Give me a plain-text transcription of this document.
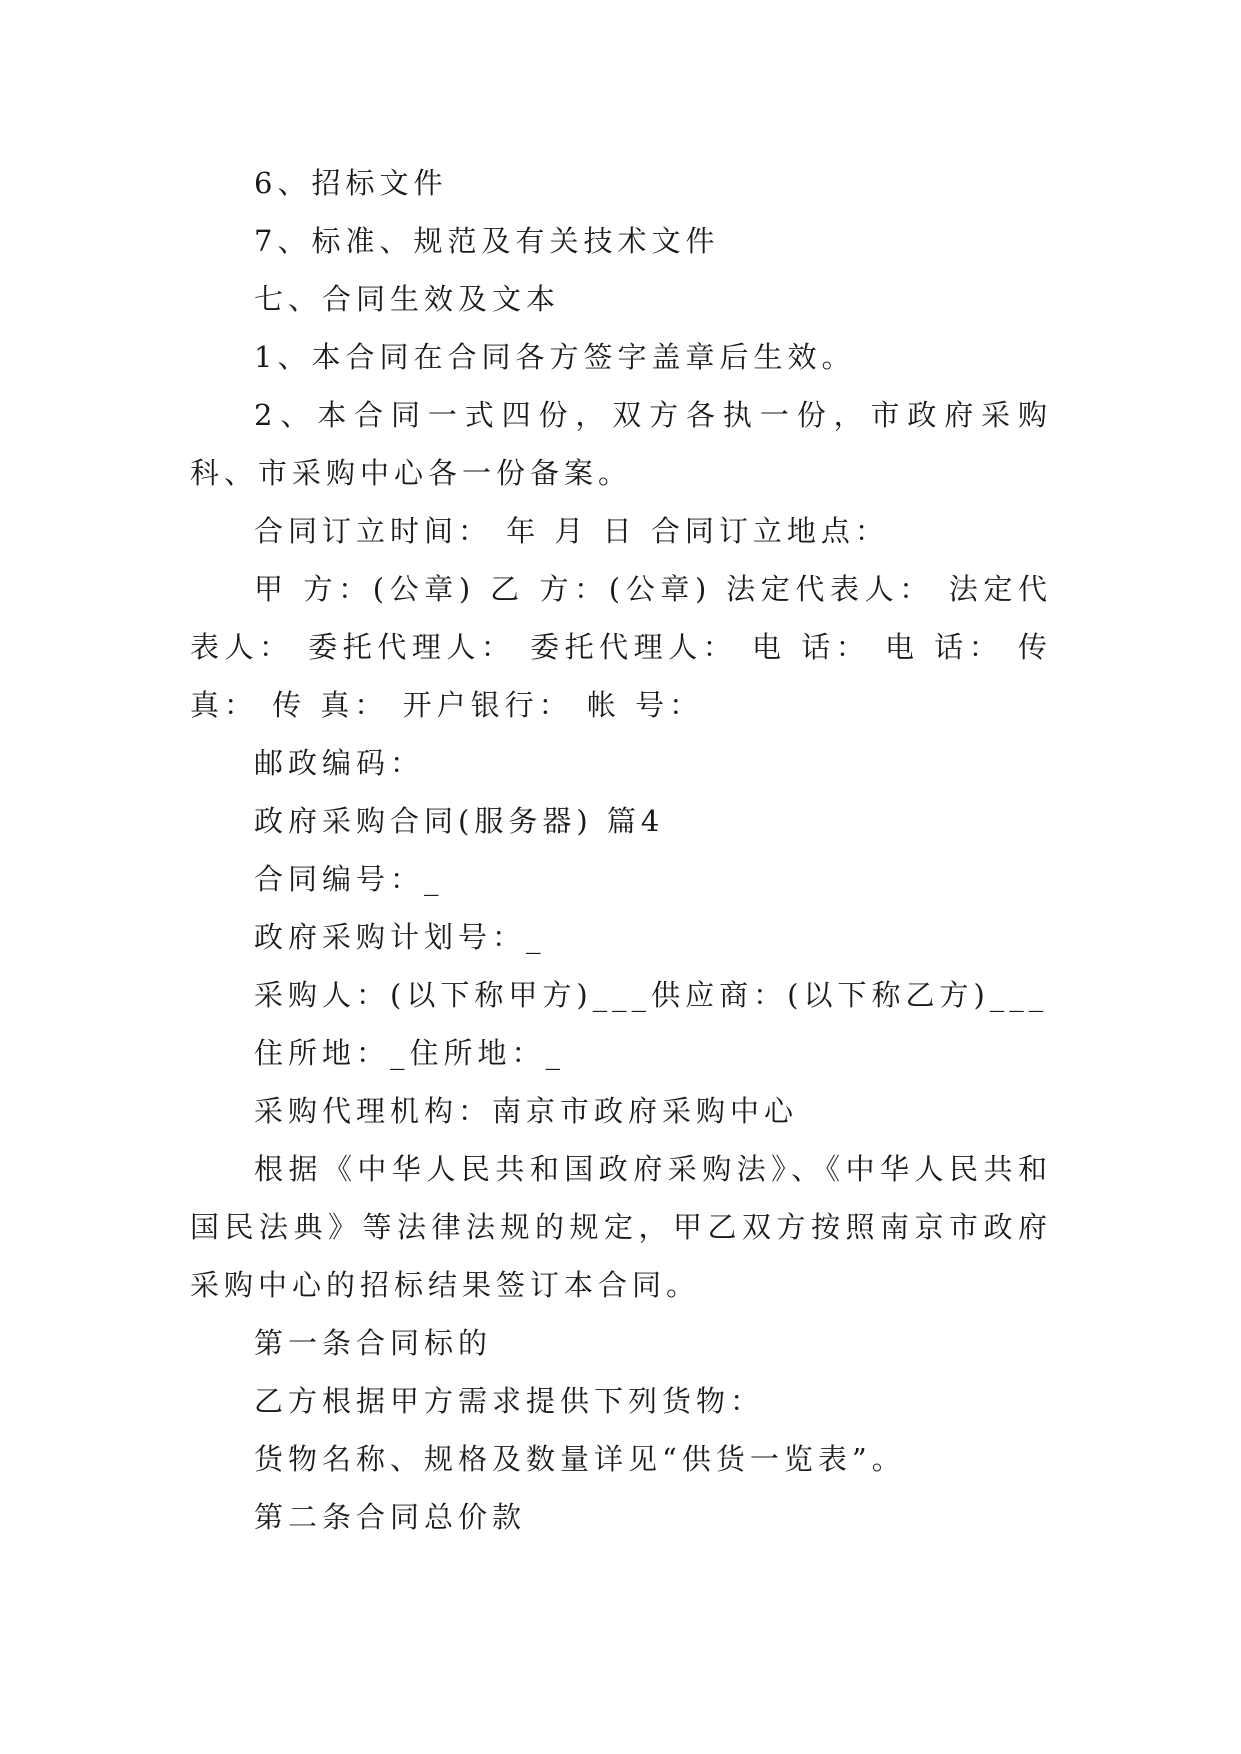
6、招标文件

7、标准、规范及有关技术文件

七、合同生效及文本

1、本合同在合同各方签字盖章后生效。

2、本合同一式四份，双方各执一份，市政府采购科、市采购中心各一份备案。

合同订立时间： 年 月 日 合同订立地点：

甲 方：(公章) 乙 方：(公章) 法定代表人： 法定代表人： 委托代理人： 委托代理人： 电 话： 电 话： 传真： 传 真： 开户银行： 帐 号：

邮政编码：

政府采购合同(服务器) 篇4

合同编号：_

政府采购计划号：_

采购人：(以下称甲方)___供应商：(以下称乙方)___

住所地：_住所地：_

采购代理机构：南京市政府采购中心

根据《中华人民共和国政府采购法》、《中华人民共和国民法典》等法律法规的规定，甲乙双方按照南京市政府采购中心的招标结果签订本合同。

第一条合同标的

乙方根据甲方需求提供下列货物：

货物名称、规格及数量详见“供货一览表”。

第二条合同总价款
